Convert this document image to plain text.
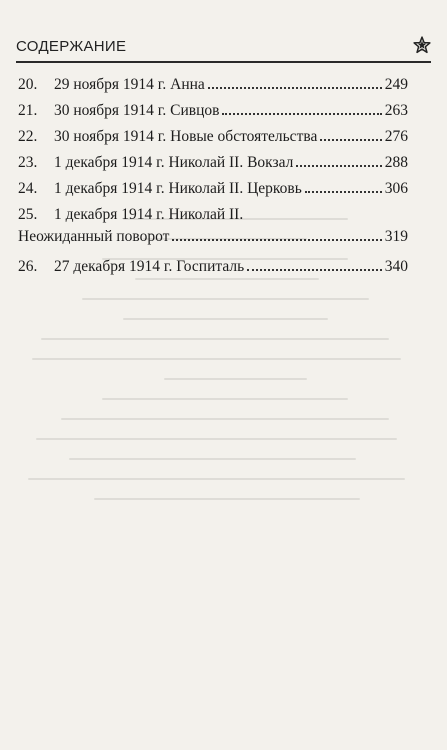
СОДЕРЖАНИЕ
20.	29 ноября 1914 г. Анна	249
21.	30 ноября 1914 г. Сивцов	263
22.	30 ноября 1914 г. Новые обстоятельства	276
23.	1 декабря 1914 г. Николай II. Вокзал	288
24.	1 декабря 1914 г. Николай II. Церковь	306
25.	1 декабря 1914 г. Николай II.
Неожиданный поворот	319
26.	27 декабря 1914 г. Госпиталь	340
